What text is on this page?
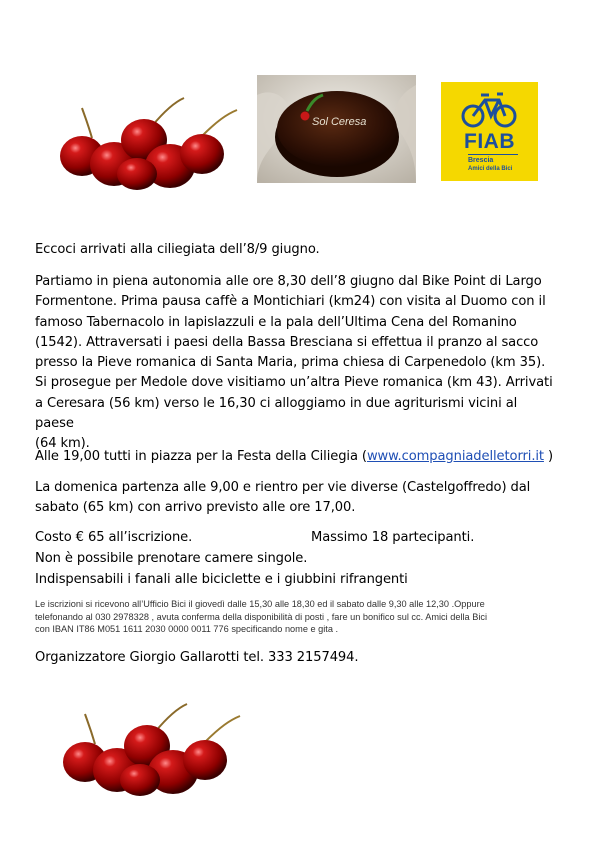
Sol Ceresa
FIAB
Brescia
Amici della Bici
Eccoci arrivati alla ciliegiata dell’8/9 giugno.
Partiamo in piena autonomia alle ore 8,30 dell’8 giugno dal Bike Point di Largo
Formentone. Prima pausa caffè a Montichiari (km24) con visita al Duomo con il
famoso Tabernacolo in lapislazzuli e la pala dell’Ultima Cena del Romanino
(1542). Attraversati i paesi della Bassa Bresciana si effettua il pranzo al sacco
presso la Pieve romanica di Santa Maria, prima chiesa di Carpenedolo (km 35).
Si prosegue per Medole dove visitiamo un’altra Pieve romanica (km 43). Arrivati
a Ceresara (56 km) verso le 16,30 ci alloggiamo in due agriturismi vicini al paese
(64 km).
Alle 19,00 tutti in piazza per la Festa della Ciliegia (www.compagniadelletorri.it )
La domenica partenza alle 9,00 e rientro per vie diverse (Castelgoffredo) dal
sabato (65 km) con arrivo previsto alle ore 17,00.
Costo € 65 all’iscrizione.	Massimo 18 partecipanti.
Non è possibile prenotare camere singole.
Indispensabili i fanali alle biciclette e i giubbini rifrangenti
Le iscrizioni si ricevono all’Ufficio Bici il giovedì dalle 15,30 alle 18,30 ed il sabato dalle 9,30 alle 12,30 .Oppure
telefonando al 030 2978328 , avuta conferma della disponibilità di posti , fare un bonifico sul cc. Amici della Bici
con IBAN IT86 M051 1611 2030 0000 0011 776 specificando nome e gita .
Organizzatore Giorgio Gallarotti tel. 333 2157494.
